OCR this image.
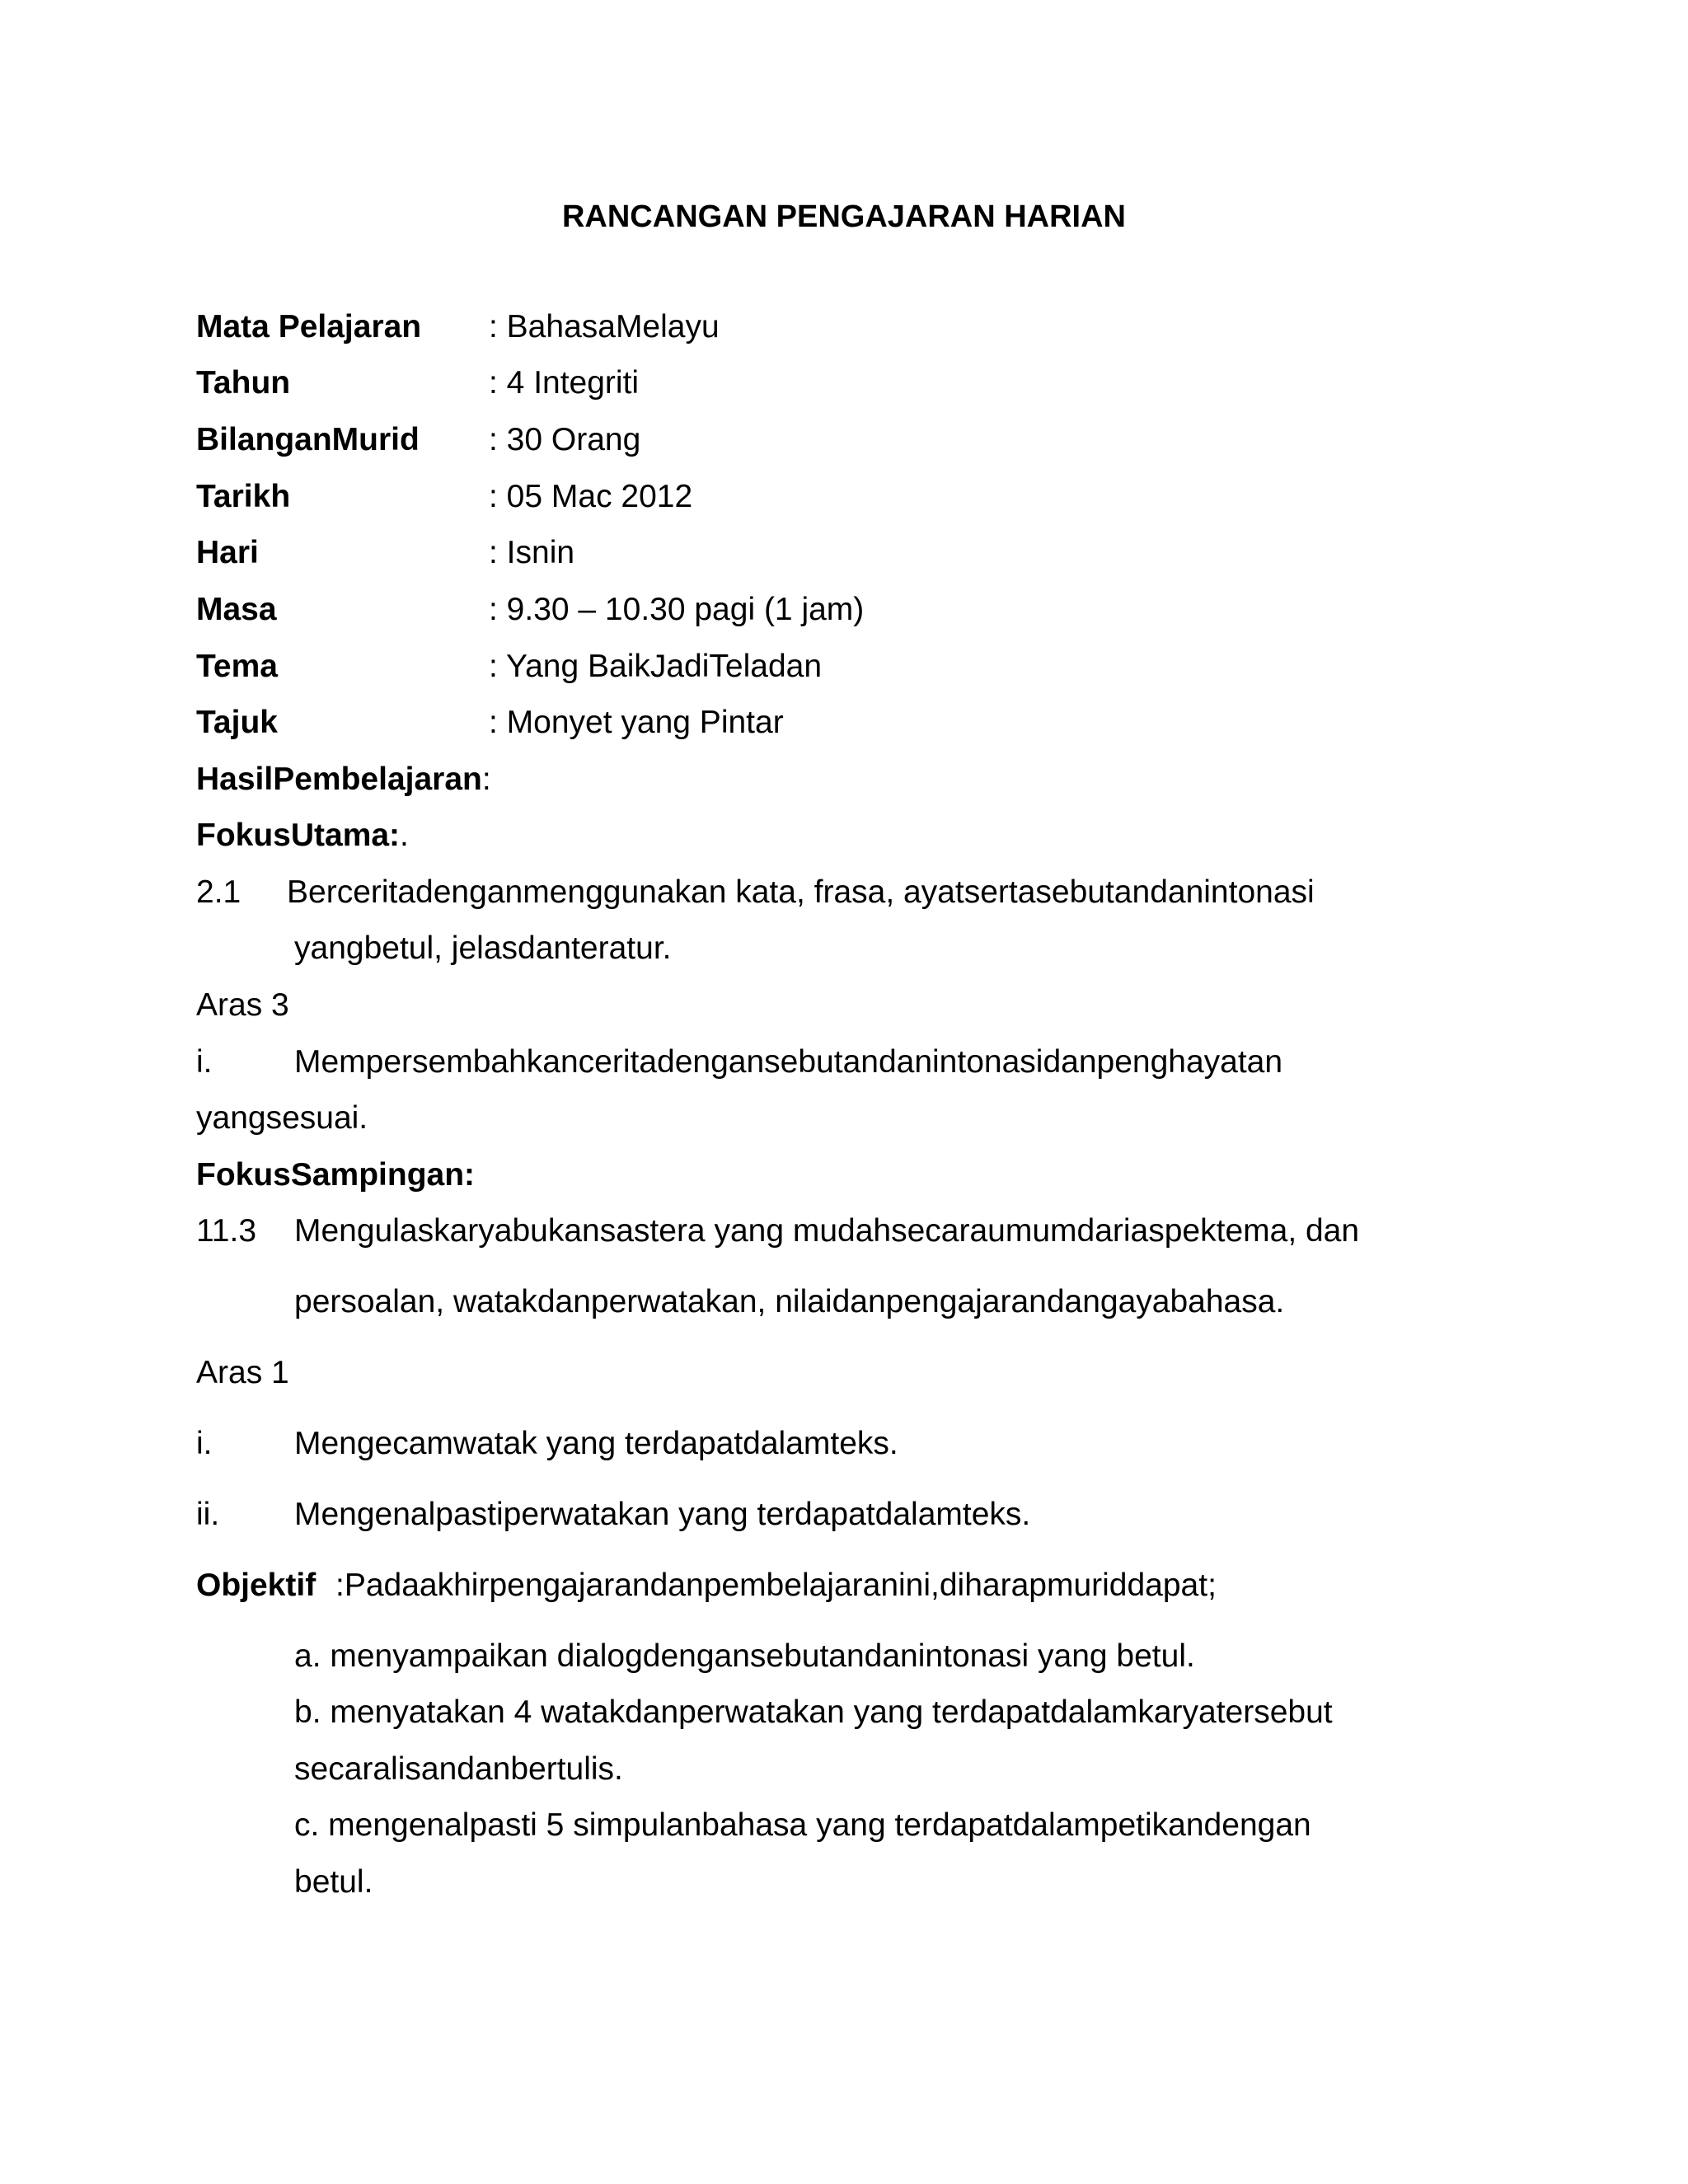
RANCANGAN PENGAJARAN HARIAN
Mata Pelajaran : BahasaMelayu
Tahun	: 4 Integriti
BilanganMurid : 30 Orang
Tarikh	: 05 Mac 2012
Hari	: Isnin
Masa	: 9.30 – 10.30 pagi (1 jam)
Tema	: Yang BaikJadiTeladan
Tajuk	: Monyet yang Pintar
HasilPembelajaran:
FokusUtama:.
2.1 Berceritadenganmenggunakan kata, frasa, ayatsertasebutandanintonasi
yangbetul, jelasdanteratur.
Aras 3
i.	Mempersembahkanceritadengansebutandanintonasidanpenghayatan
yangsesuai.
FokusSampingan:
11.3 Mengulaskaryabukansastera yang mudahsecaraumumdariaspektema, dan
persoalan, watakdanperwatakan, nilaidanpengajarandangayabahasa.
Aras 1
i.	Mengecamwatak yang terdapatdalamteks.
ii. Mengenalpastiperwatakan yang terdapatdalamteks.
Objektif :Padaakhirpengajarandanpembelajaranini,diharapmuriddapat;
a. menyampaikan dialogdengansebutandanintonasi yang betul.
b. menyatakan 4 watakdanperwatakan yang terdapatdalamkaryatersebut
secaralisandanbertulis.
c. mengenalpasti 5 simpulanbahasa yang terdapatdalampetikandengan
betul.
